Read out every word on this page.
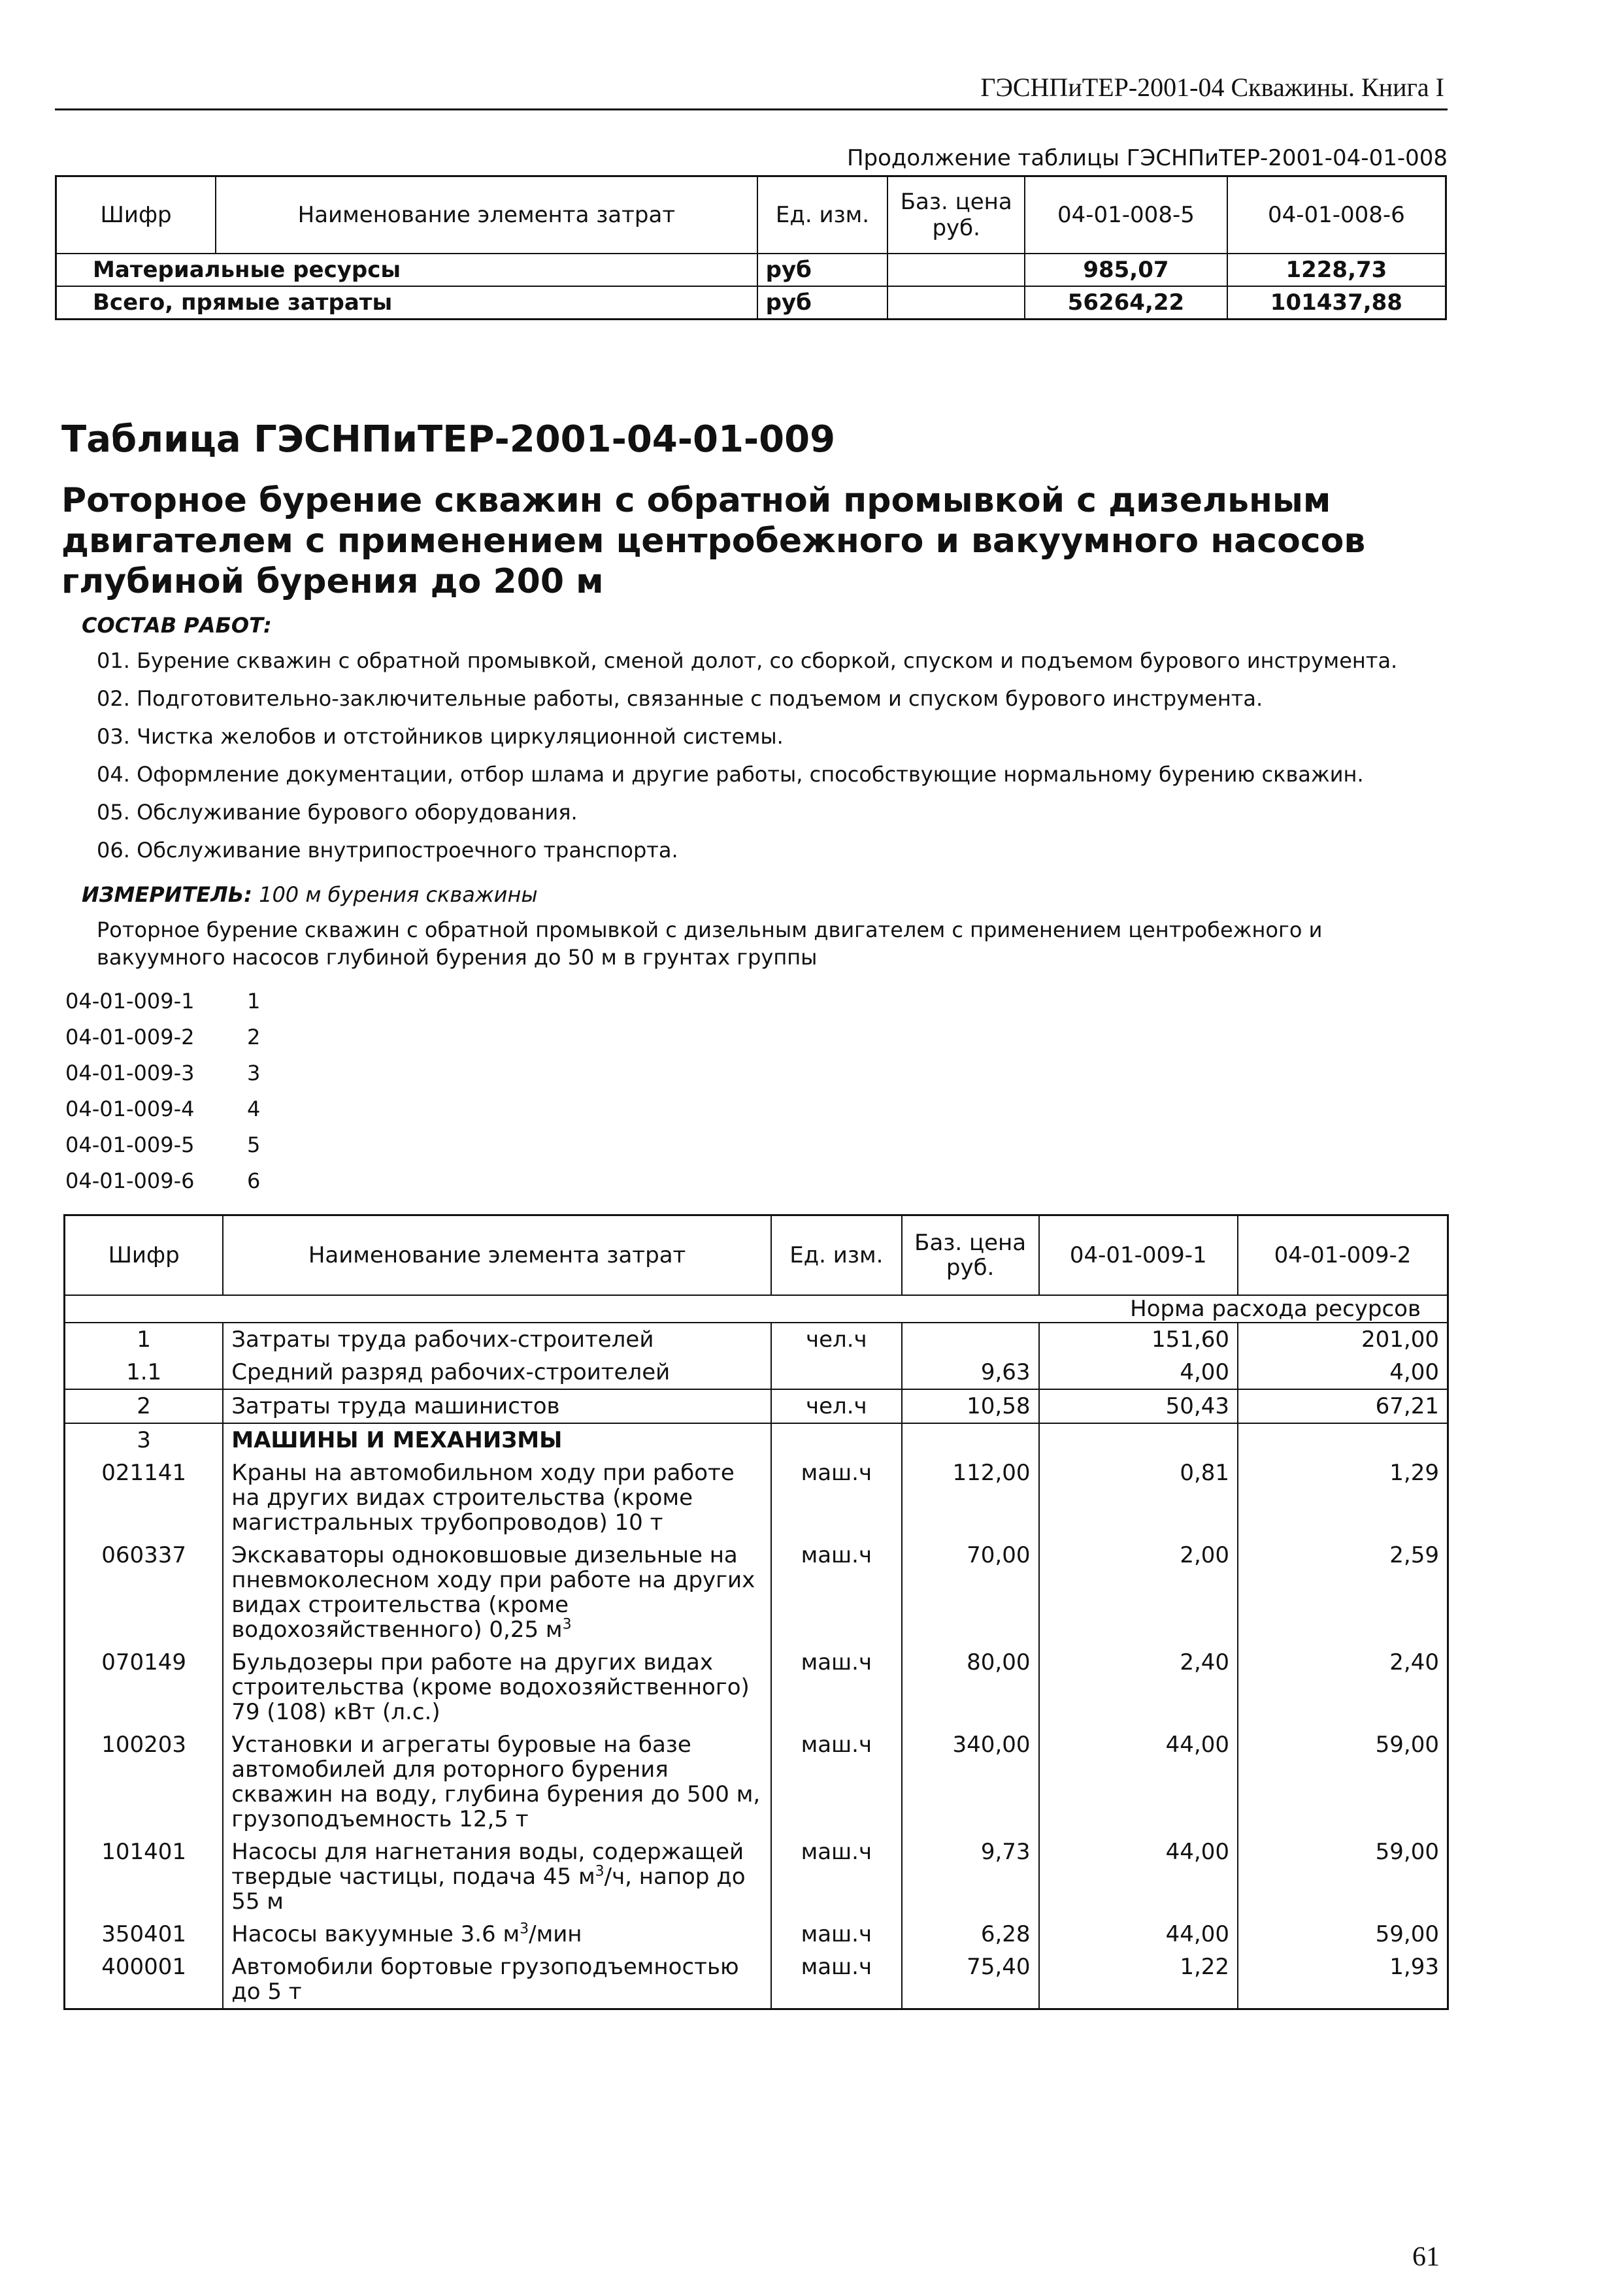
ГЭСНПиТЕР-2001-04 Скважины. Книга I
Продолжение таблицы ГЭСНПиТЕР-2001-04-01-008
Шифр	Наименование элемента затрат	Ед. изм.	Баз. цена руб.	04-01-008-5	04-01-008-6
Материальные ресурсы		руб		985,07	1228,73
Всего, прямые затраты		руб		56264,22	101437,88
Таблица ГЭСНПиТЕР-2001-04-01-009
Роторное бурение скважин с обратной промывкой с дизельным двигателем с применением центробежного и вакуумного насосов глубиной бурения до 200 м
СОСТАВ РАБОТ:
01. Бурение скважин с обратной промывкой, сменой долот, со сборкой, спуском и подъемом бурового инструмента.
02. Подготовительно-заключительные работы, связанные с подъемом и спуском бурового инструмента.
03. Чистка желобов и отстойников циркуляционной системы.
04. Оформление документации, отбор шлама и другие работы, способствующие нормальному бурению скважин.
05. Обслуживание бурового оборудования.
06. Обслуживание внутрипостроечного транспорта.
ИЗМЕРИТЕЛЬ: 100 м бурения скважины
Роторное бурение скважин с обратной промывкой с дизельным двигателем с применением центробежного и вакуумного насосов глубиной бурения до 50 м в грунтах группы
04-01-009-1	1
04-01-009-2	2
04-01-009-3	3
04-01-009-4	4
04-01-009-5	5
04-01-009-6	6
Шифр	Наименование элемента затрат	Ед. изм.	Баз. цена руб.	04-01-009-1	04-01-009-2
				Норма расхода ресурсов	
1	Затраты труда рабочих-строителей	чел.ч		151,60	201,00
1.1	Средний разряд рабочих-строителей		9,63	4,00	4,00
2	Затраты труда машинистов	чел.ч	10,58	50,43	67,21
3	МАШИНЫ И МЕХАНИЗМЫ				
021141	Краны на автомобильном ходу при работе на других видах строительства (кроме магистральных трубопроводов) 10 т	маш.ч	112,00	0,81	1,29
060337	Экскаваторы одноковшовые дизельные на пневмоколесном ходу при работе на других видах строительства (кроме водохозяйственного) 0,25 $м^3$	маш.ч	70,00	2,00	2,59
070149	Бульдозеры при работе на других видах строительства (кроме водохозяйственного) 79 (108) кВт (л.с.)	маш.ч	80,00	2,40	2,40
100203	Установки и агрегаты буровые на базе автомобилей для роторного бурения скважин на воду, глубина бурения до 500 м, грузоподъемность 12,5 т	маш.ч	340,00	44,00	59,00
101401	Насосы для нагнетания воды, содержащей твердые частицы, подача 45 $м^3/ч$, напор до 55 м	маш.ч	9,73	44,00	59,00
350401	Насосы вакуумные 3.6 $м^3$/мин	маш.ч	6,28	44,00	59,00
400001	Автомобили бортовые грузоподъемностью до 5 т	маш.ч	75,40	1,22	1,93
61
